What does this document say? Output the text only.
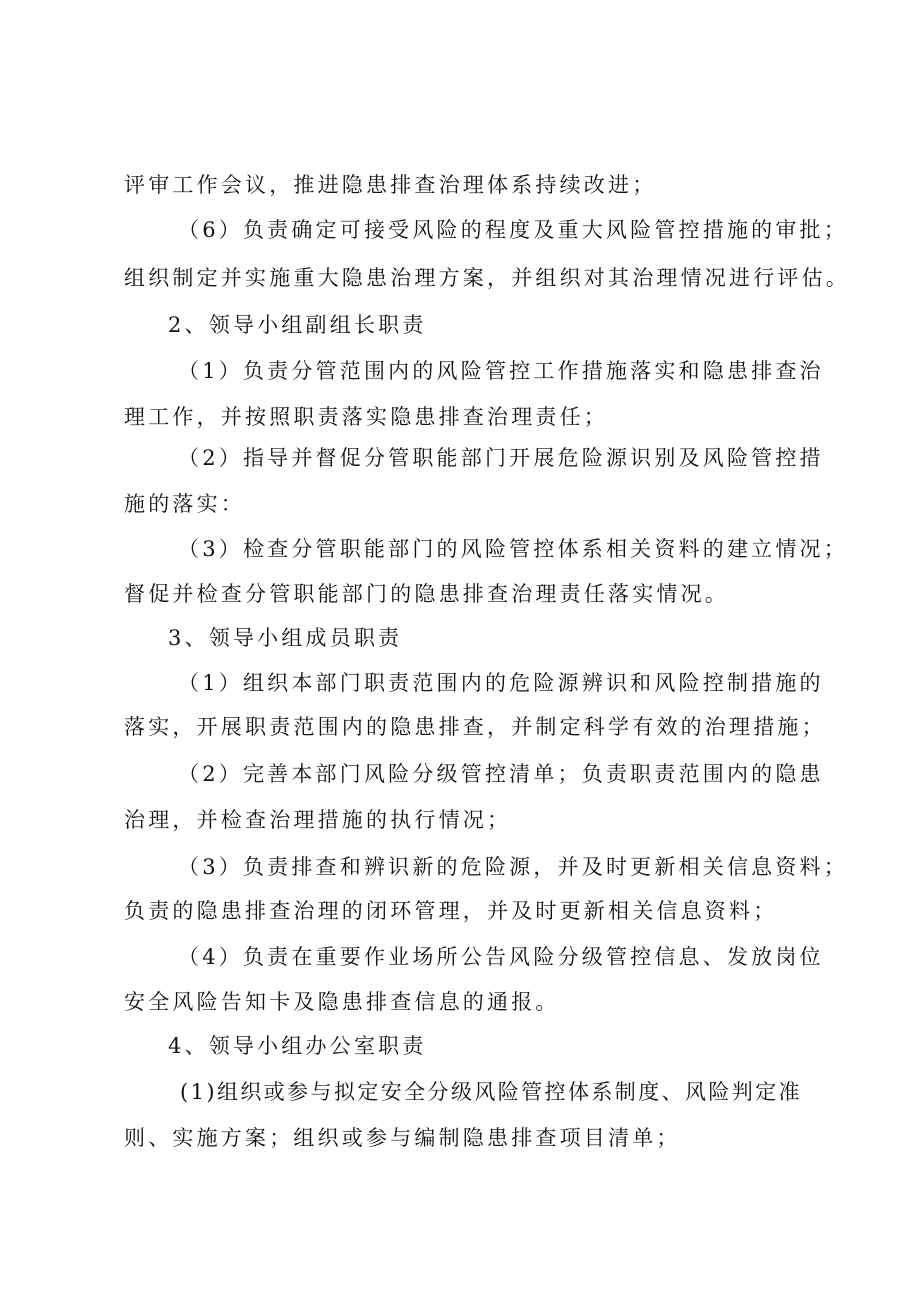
评审工作会议，推进隐患排查治理体系持续改进；
（6）负责确定可接受风险的程度及重大风险管控措施的审批；
组织制定并实施重大隐患治理方案，并组织对其治理情况进行评估。
2、领导小组副组长职责
（1）负责分管范围内的风险管控工作措施落实和隐患排查治
理工作，并按照职责落实隐患排查治理责任；
（2）指导并督促分管职能部门开展危险源识别及风险管控措
施的落实：
（3）检查分管职能部门的风险管控体系相关资料的建立情况；
督促并检查分管职能部门的隐患排查治理责任落实情况。
3、领导小组成员职责
（1）组织本部门职责范围内的危险源辨识和风险控制措施的
落实，开展职责范围内的隐患排查，并制定科学有效的治理措施；
（2）完善本部门风险分级管控清单；负责职责范围内的隐患
治理，并检查治理措施的执行情况；
（3）负责排查和辨识新的危险源，并及时更新相关信息资料；
负责的隐患排查治理的闭环管理，并及时更新相关信息资料；
（4）负责在重要作业场所公告风险分级管控信息、发放岗位
安全风险告知卡及隐患排查信息的通报。
4、领导小组办公室职责
(1)组织或参与拟定安全分级风险管控体系制度、风险判定准
则、实施方案；组织或参与编制隐患排查项目清单；
